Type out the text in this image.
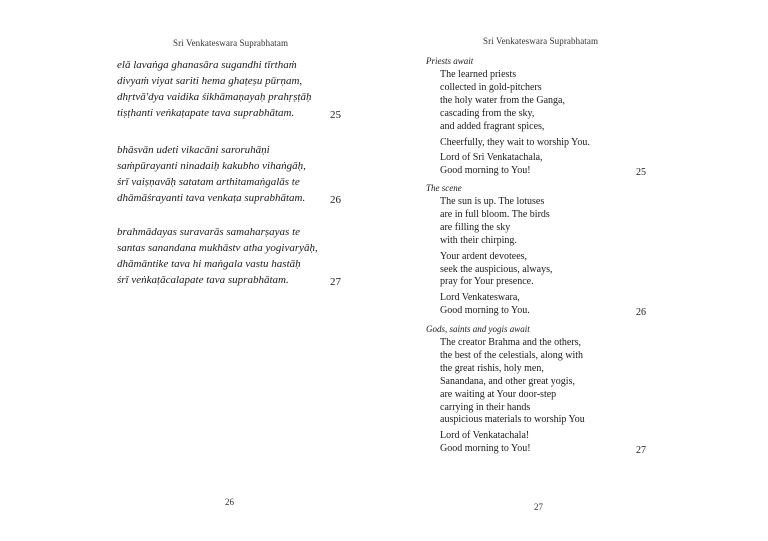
Sri Venkateswara Suprabhatam
elā lavaṅga ghanasāra sugandhi tīrthaṁ
divyaṁ viyat sariti hema ghaṭeṣu pūrṇam,
dhṛtvā'dya vaidika śikhāmaṇayaḥ prahṛṣṭāḥ
tiṣṭhanti veṅkaṭapate tava suprabhātam.	25
bhāsvān udeti vikacāni saroruhāṇi
saṁpūrayanti ninadaiḥ kakubho vihaṅgāḥ,
śrī vaiṣṇavāḥ satatam arthitamaṅgalās te
dhāmāśrayanti tava venkaṭa suprabhātam.	26
brahmādayas suravarās samaharṣayas te
santas sanandana mukhāstv atha yogivaryāḥ,
dhāmāntike tava hi maṅgala vastu hastāḥ
śrī veṅkaṭācalapate tava suprabhātam.	27
26
Sri Venkateswara Suprabhatam
Priests await
The learned priests
collected in gold-pitchers
the holy water from the Ganga,
cascading from the sky,
and added fragrant spices,
Cheerfully, they wait to worship You.
Lord of Sri Venkatachala,
Good morning to You!	25
The scene
The sun is up. The lotuses
are in full bloom. The birds
are filling the sky
with their chirping.
Your ardent devotees,
seek the auspicious, always,
pray for Your presence.
Lord Venkateswara,
Good morning to You.	26
Gods, saints and yogis await
The creator Brahma and the others,
the best of the celestials, along with
the great rishis, holy men,
Sanandana, and other great yogis,
are waiting at Your door-step
carrying in their hands
auspicious materials to worship You
Lord of Venkatachala!
Good morning to You!	27
27
